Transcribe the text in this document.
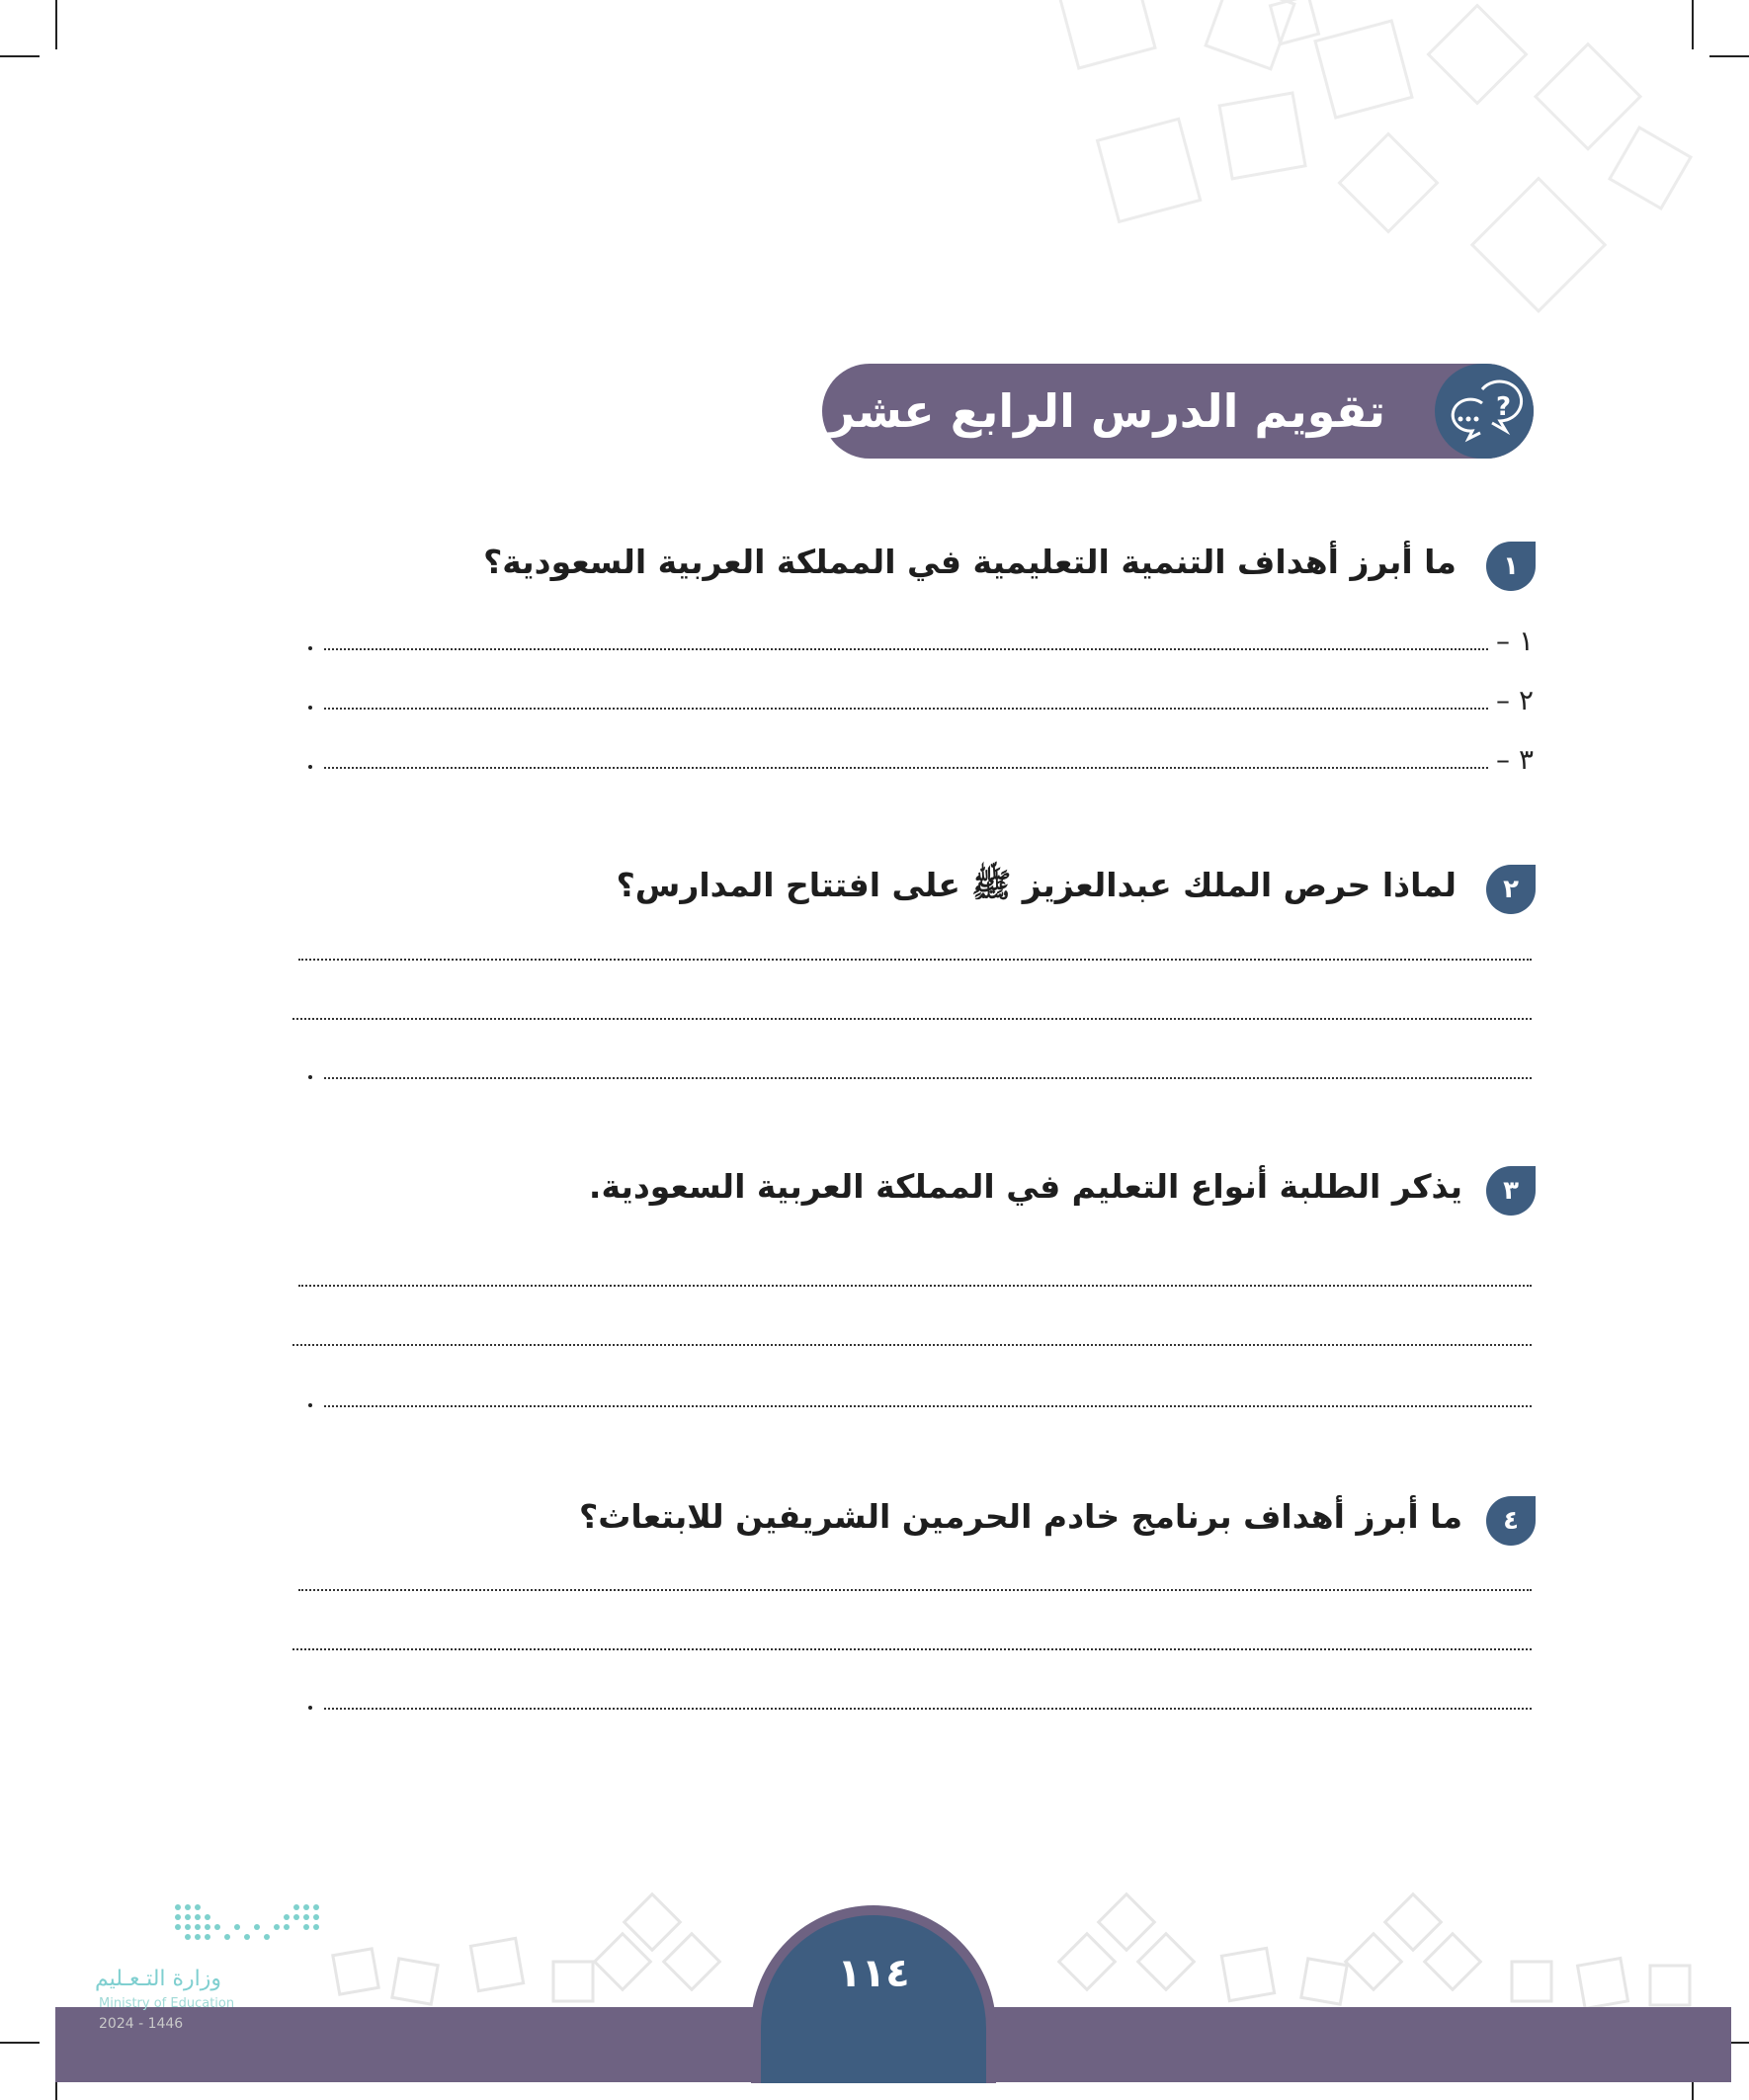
تقويم الدرس الرابع عشر	?
١
ما أبرز أهداف التنمية التعليمية في المملكة العربية السعودية؟
١ –
٢ –
٣ –
٢
لماذا حرص الملك عبدالعزيز ﷺ على افتتاح المدارس؟
٣
يذكر الطلبة أنواع التعليم في المملكة العربية السعودية.
٤
ما أبرز أهداف برنامج خادم الحرمين الشريفين للابتعاث؟
١١٤
وزارة التـعـليم
Ministry of Education
2024 - 1446
